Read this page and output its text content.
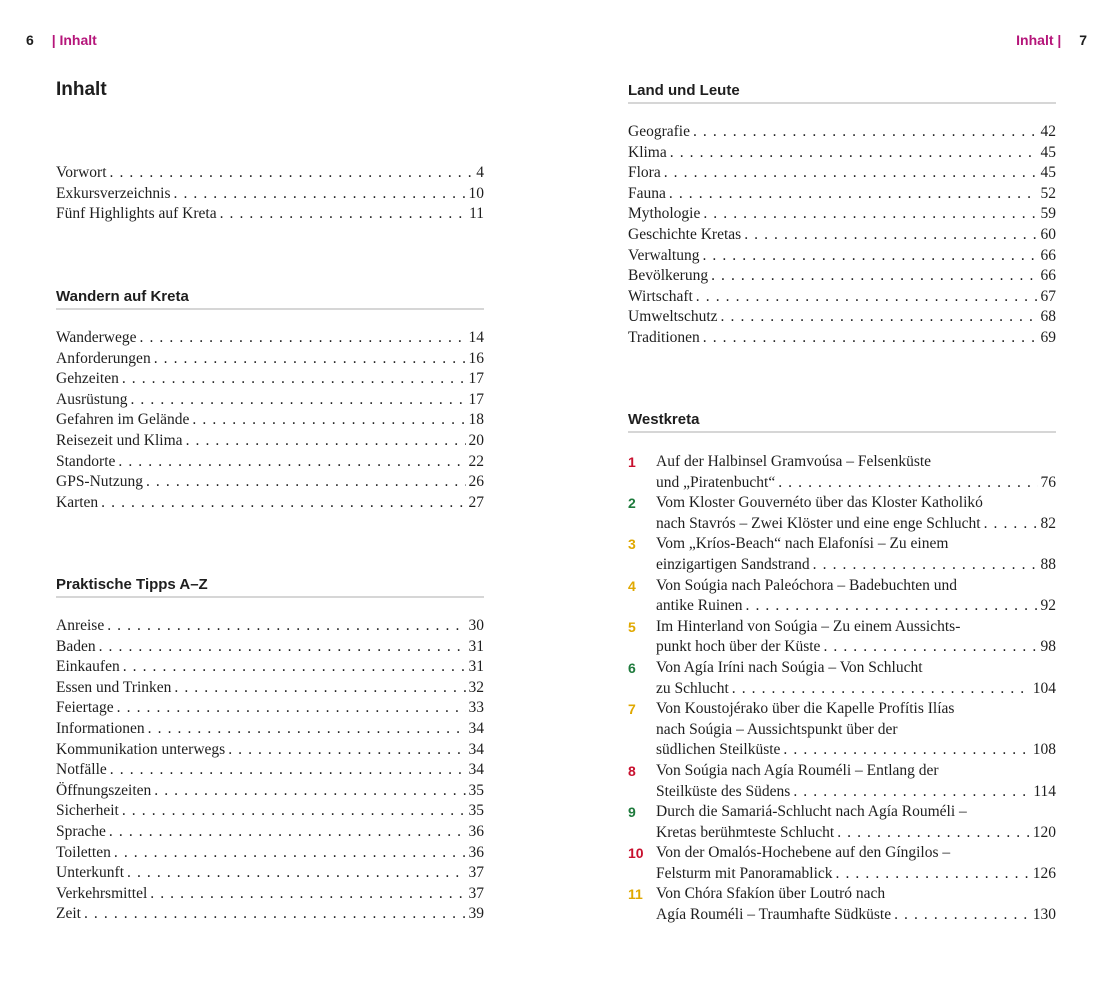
6 | Inhalt	Inhalt | 7
Inhalt
Vorwort . . .	4
Exkursverzeichnis . . .	10
Fünf Highlights auf Kreta . . .	11
Wandern auf Kreta
Wanderwege . . .	14
Anforderungen . . .	16
Gehzeiten . . .	17
Ausrüstung . . .	17
Gefahren im Gelände . . .	18
Reisezeit und Klima . . .	20
Standorte . . .	22
GPS-Nutzung . . .	26
Karten . . .	27
Praktische Tipps A–Z
Anreise . . .	30
Baden . . .	31
Einkaufen . . .	31
Essen und Trinken . . .	32
Feiertage . . .	33
Informationen . . .	34
Kommunikation unterwegs . . .	34
Notfälle . . .	34
Öffnungszeiten . . .	35
Sicherheit . . .	35
Sprache . . .	36
Toiletten . . .	36
Unterkunft . . .	37
Verkehrsmittel . . .	37
Zeit . . .	39
Land und Leute
Geografie . . .	42
Klima . . .	45
Flora . . .	45
Fauna . . .	52
Mythologie . . .	59
Geschichte Kretas . . .	60
Verwaltung . . .	66
Bevölkerung . . .	66
Wirtschaft . . .	67
Umweltschutz . . .	68
Traditionen . . .	69
Westkreta
1	Auf der Halbinsel Gramvoúsa – Felsenküste
und „Piratenbucht“ . . .	76
2	Vom Kloster Gouvernéto über das Kloster Katholikó
nach Stavrós – Zwei Klöster und eine enge Schlucht . . .	82
3	Vom „Kríos-Beach“ nach Elafonísi – Zu einem
einzigartigen Sandstrand . . .	88
4	Von Soúgia nach Paleóchora – Badebuchten und
antike Ruinen . . .	92
5	Im Hinterland von Soúgia – Zu einem Aussichts-
punkt hoch über der Küste . . .	98
6	Von Agía Iríni nach Soúgia – Von Schlucht
zu Schlucht . . .	104
7	Von Koustojérako über die Kapelle Profítis Ilías
nach Soúgia – Aussichtspunkt über der
südlichen Steilküste . . .	108
8	Von Soúgia nach Agía Rouméli – Entlang der
Steilküste des Südens . . .	114
9	Durch die Samariá-Schlucht nach Agía Rouméli –
Kretas berühmteste Schlucht . . .	120
10 Von der Omalós-Hochebene auf den Gíngilos –
Felsturm mit Panoramablick . . .	126
11 Von Chóra Sfakíon über Loutró nach
Agía Rouméli – Traumhafte Südküste . . .	130
